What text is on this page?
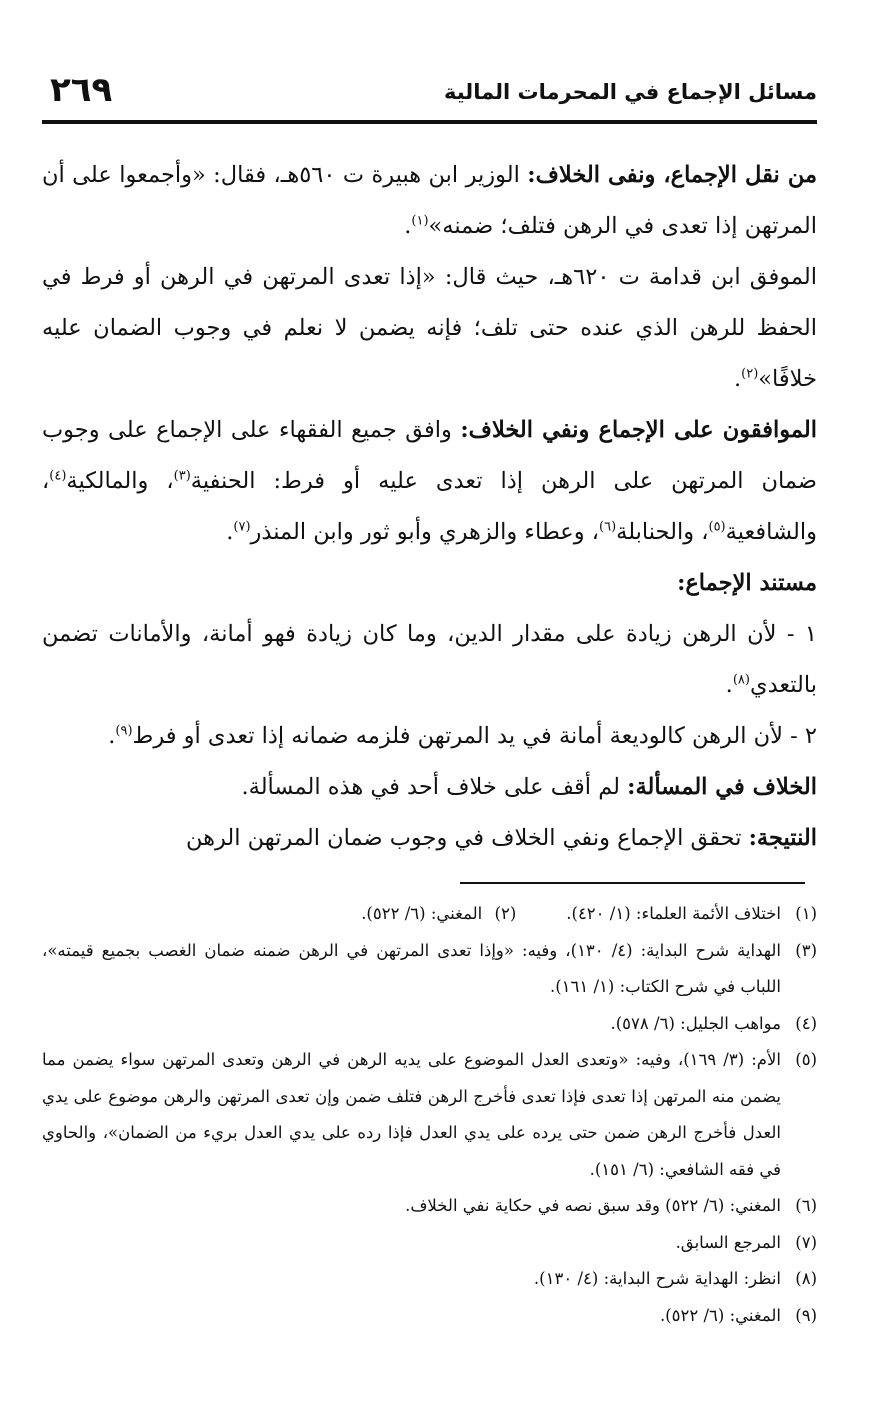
٢٦٩	مسائل الإجماع في المحرمات المالية

من نقل الإجماع، ونفى الخلاف: الوزير ابن هبيرة ت ٥٦٠هـ، فقال: «وأجمعوا على أن المرتهن إذا تعدى في الرهن فتلف؛ ضمنه»$^{(١)}$.

الموفق ابن قدامة ت ٦٢٠هـ، حيث قال: «إذا تعدى المرتهن في الرهن أو فرط في الحفظ للرهن الذي عنده حتى تلف؛ فإنه يضمن لا نعلم في وجوب الضمان عليه خلافًا»$^{(٢)}$.

الموافقون على الإجماع ونفي الخلاف: وافق جميع الفقهاء على الإجماع على وجوب ضمان المرتهن على الرهن إذا تعدى عليه أو فرط: الحنفية$^{(٣)}$، والمالكية$^{(٤)}$، والشافعية$^{(٥)}$، والحنابلة$^{(٦)}$، وعطاء والزهري وأبو ثور وابن المنذر$^{(٧)}$.

مستند الإجماع:

١ - لأن الرهن زيادة على مقدار الدين، وما كان زيادة فهو أمانة، والأمانات تضمن بالتعدي$^{(٨)}$.

٢ - لأن الرهن كالوديعة أمانة في يد المرتهن فلزمه ضمانه إذا تعدى أو فرط$^{(٩)}$.

الخلاف في المسألة: لم أقف على خلاف أحد في هذه المسألة.

النتيجة: تحقق الإجماع ونفي الخلاف في وجوب ضمان المرتهن الرهن

(١)
اختلاف الأئمة العلماء: (١/ ٤٢٠).

(٢)
المغني: (٦/ ٥٢٢).

(٣)
الهداية شرح البداية: (٤/ ١٣٠)، وفيه: «وإذا تعدى المرتهن في الرهن ضمنه ضمان الغصب بجميع قيمته»، اللباب في شرح الكتاب: (١/ ١٦١).

(٤)
مواهب الجليل: (٦/ ٥٧٨).

(٥)
الأم: (٣/ ١٦٩)، وفيه: «وتعدى العدل الموضوع على يديه الرهن في الرهن وتعدى المرتهن سواء يضمن مما يضمن منه المرتهن إذا تعدى فإذا تعدى فأخرج الرهن فتلف ضمن وإن تعدى المرتهن والرهن موضوع على يدي العدل فأخرج الرهن ضمن حتى يرده على يدي العدل فإذا رده على يدي العدل بريء من الضمان»، والحاوي في فقه الشافعي: (٦/ ١٥١).

(٦)
المغني: (٦/ ٥٢٢) وقد سبق نصه في حكاية نفي الخلاف.

(٧)
المرجع السابق.

(٨)
انظر: الهداية شرح البداية: (٤/ ١٣٠).

(٩)
المغني: (٦/ ٥٢٢).
